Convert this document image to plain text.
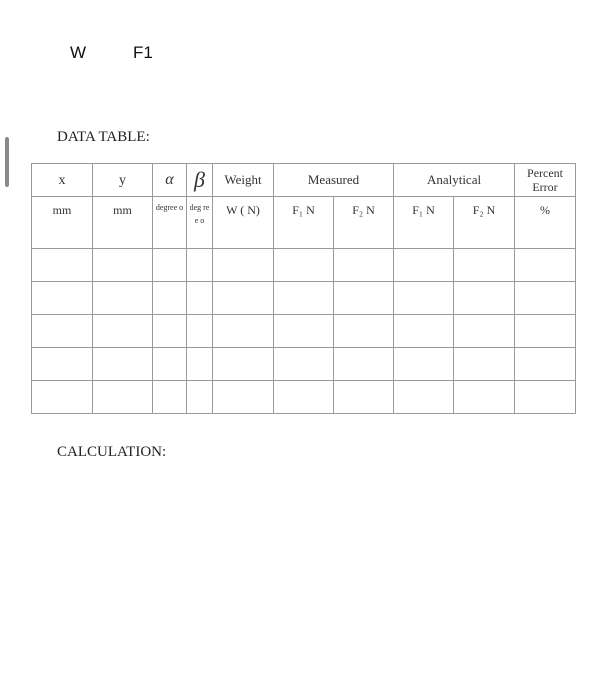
W	F1
DATA TABLE:
x	y	α	β	Weight	Measured		Analytical		Percent
Error

mm	mm	degree o	deg ree o	W ( N)	F₁ N	F₂ N	F₁ N	F₂ N	%

CALCULATION:
